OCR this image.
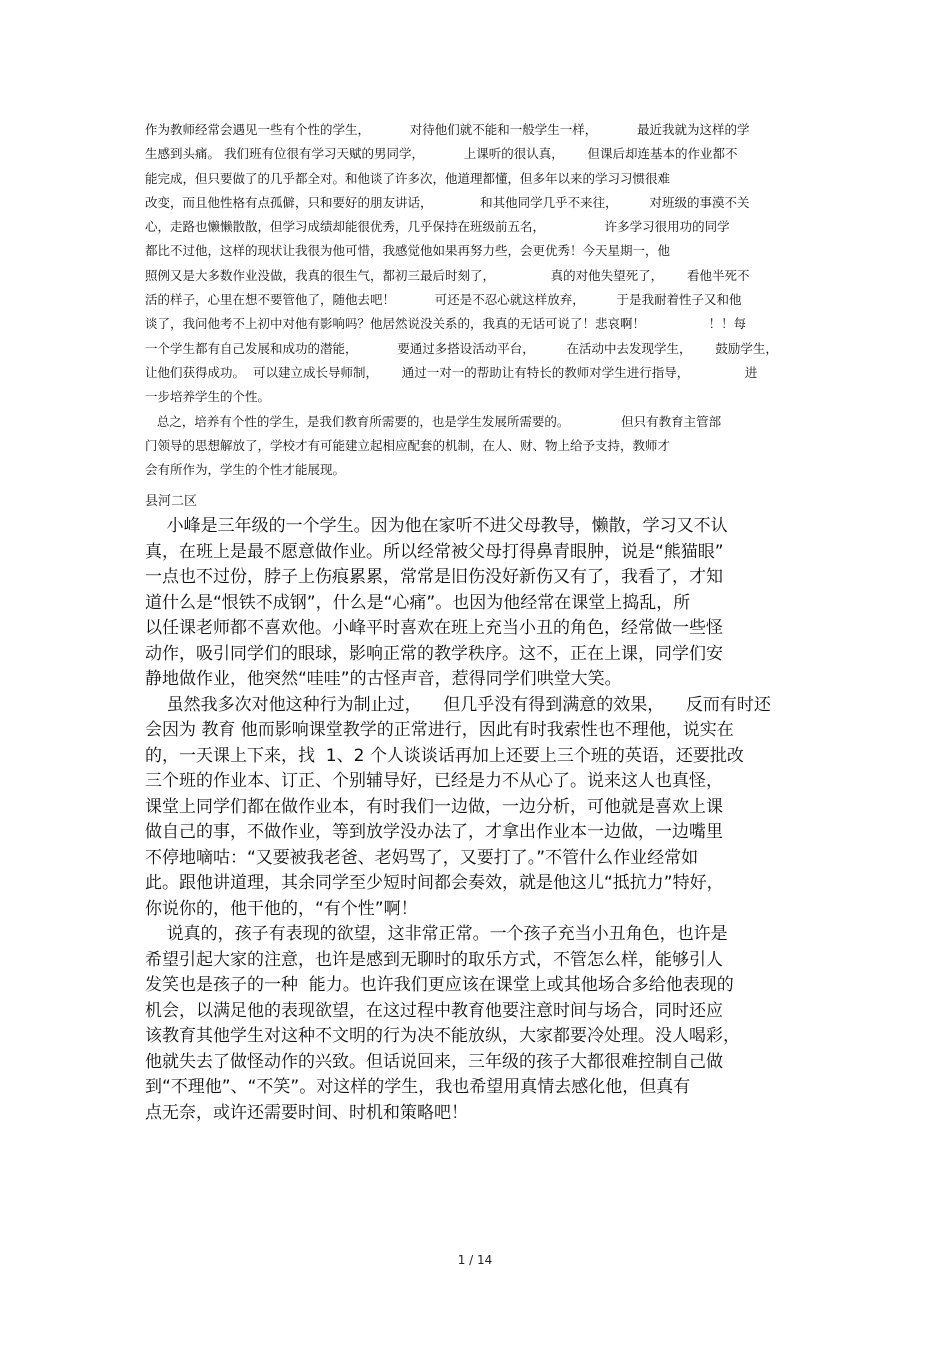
作为教师经常会遇见一些有个性的学生，          对待他们就不能和一般学生一样，          最近我就为这样的学
生感到头痛。 我们班有位很有学习天赋的男同学，          上课听的很认真，      但课后却连基本的作业都不
能完成，但只要做了的几乎都全对。和他谈了许多次，他道理都懂，但多年以来的学习习惯很难
改变，而且他性格有点孤僻，只和要好的朋友讲话，            和其他同学几乎不来往，        对班级的事漠不关
心，走路也懒懒散散，但学习成绩却能很优秀，几乎保持在班级前五名，               许多学习很用功的同学
都比不过他，这样的现状让我很为他可惜，我感觉他如果再努力些，会更优秀！今天星期一，他
照例又是大多数作业没做，我真的很生气，都初三最后时刻了，              真的对他失望死了，      看他半死不
活的样子，心里在想不要管他了，随他去吧！          可还是不忍心就这样放弃，        于是我耐着性子又和他
谈了，我问他考不上初中对他有影响吗？他居然说没关系的，我真的无话可说了！悲哀啊！                ！！每
一个学生都有自己发展和成功的潜能，          要通过多搭设活动平台，        在活动中去发现学生，      鼓励学生，
让他们获得成功。  可以建立成长导师制，      通过一对一的帮助让有特长的教师对学生进行指导，              进
一步培养学生的个性。
总之，培养有个性的学生，是我们教育所需要的，也是学生发展所需要的。             但只有教育主管部
门领导的思想解放了，学校才有可能建立起相应配套的机制，在人、财、物上给予支持，教师才
会有所作为，学生的个性才能展现。
县河二区
小峰是三年级的一个学生。因为他在家听不进父母教导，懒散，学习又不认
真，在班上是最不愿意做作业。所以经常被父母打得鼻青眼肿，说是“熊猫眼”
一点也不过份，脖子上伤痕累累，常常是旧伤没好新伤又有了，我看了，才知
道什么是“恨铁不成钢”，什么是“心痛”。也因为他经常在课堂上捣乱，所
以任课老师都不喜欢他。小峰平时喜欢在班上充当小丑的角色，经常做一些怪
动作，吸引同学们的眼球，影响正常的教学秩序。这不，正在上课，同学们安
静地做作业，他突然“哇哇”的古怪声音，惹得同学们哄堂大笑。
虽然我多次对他这种行为制止过，    但几乎没有得到满意的效果，    反而有时还
会因为 教育 他而影响课堂教学的正常进行，因此有时我索性也不理他，说实在
的，一天课上下来，找  1、2 个人谈谈话再加上还要上三个班的英语，还要批改
三个班的作业本、订正、个别辅导好，已经是力不从心了。说来这人也真怪，
课堂上同学们都在做作业本，有时我们一边做，一边分析，可他就是喜欢上课
做自己的事，不做作业，等到放学没办法了，才拿出作业本一边做，一边嘴里
不停地嘀咕：“又要被我老爸、老妈骂了，又要打了。”不管什么作业经常如
此。跟他讲道理，其余同学至少短时间都会奏效，就是他这儿“抵抗力”特好，
你说你的，他干他的，“有个性”啊！
说真的，孩子有表现的欲望，这非常正常。一个孩子充当小丑角色，也许是
希望引起大家的注意，也许是感到无聊时的取乐方式，不管怎么样，能够引人
发笑也是孩子的一种  能力。也许我们更应该在课堂上或其他场合多给他表现的
机会，以满足他的表现欲望，在这过程中教育他要注意时间与场合，同时还应
该教育其他学生对这种不文明的行为决不能放纵，大家都要冷处理。没人喝彩，
他就失去了做怪动作的兴致。但话说回来，三年级的孩子大都很难控制自己做
到“不理他”、“不笑”。对这样的学生，我也希望用真情去感化他，但真有
点无奈，或许还需要时间、时机和策略吧！
1 / 14
